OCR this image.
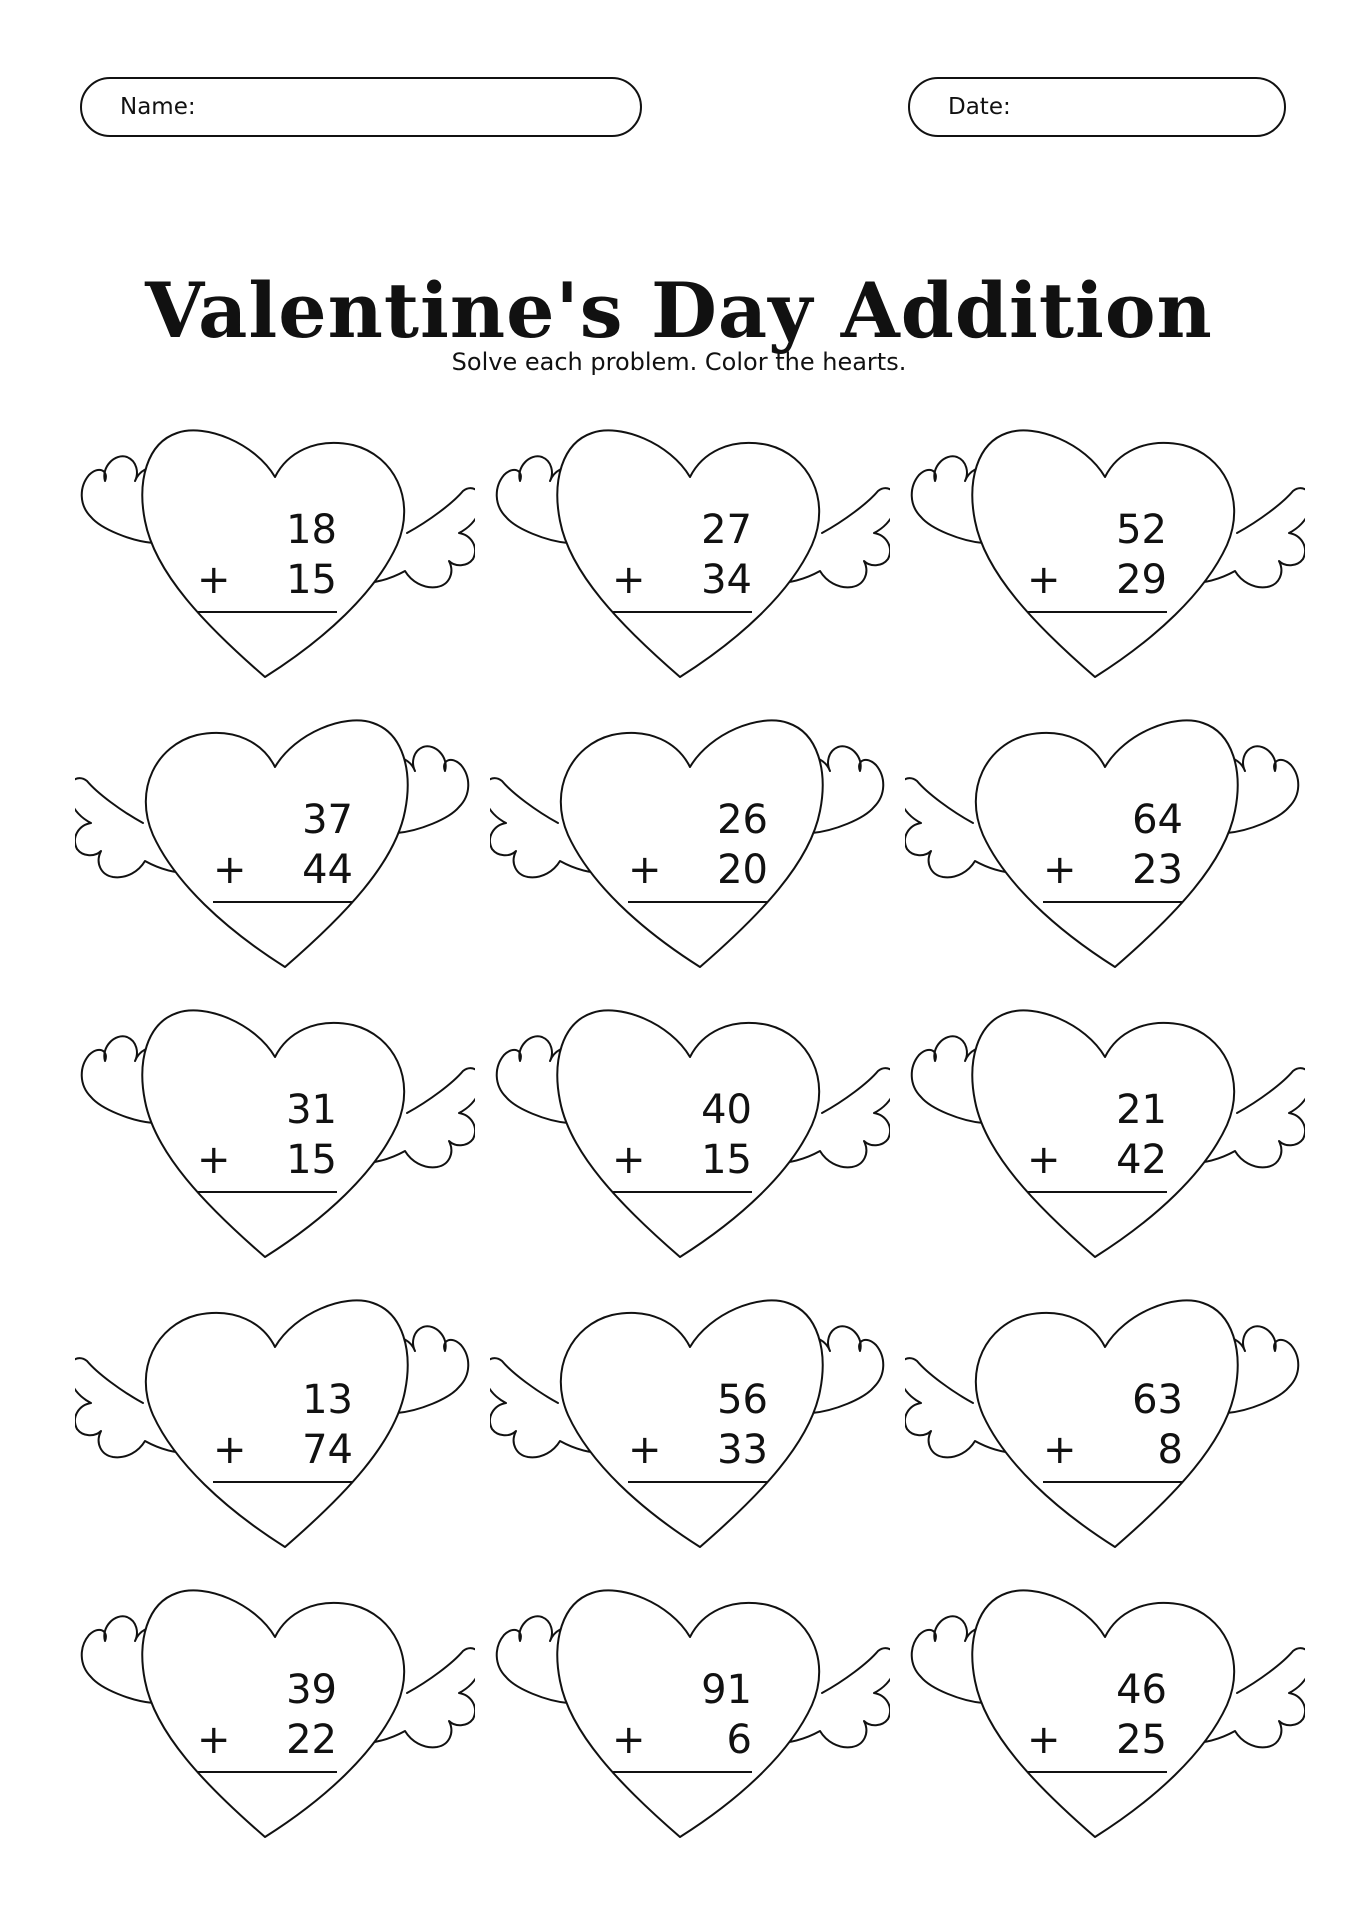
Name:	Date:
Valentine's Day Addition
Solve each problem. Color the hearts.
18
+ 15
27
+ 34
52
+ 29
37
+ 44
26
+ 20
64
+ 23
31
+ 15
40
+ 15
21
+ 42
13
+ 74
56
+ 33
63
+ 8
39
+ 22
91
+ 6
46
+ 25
